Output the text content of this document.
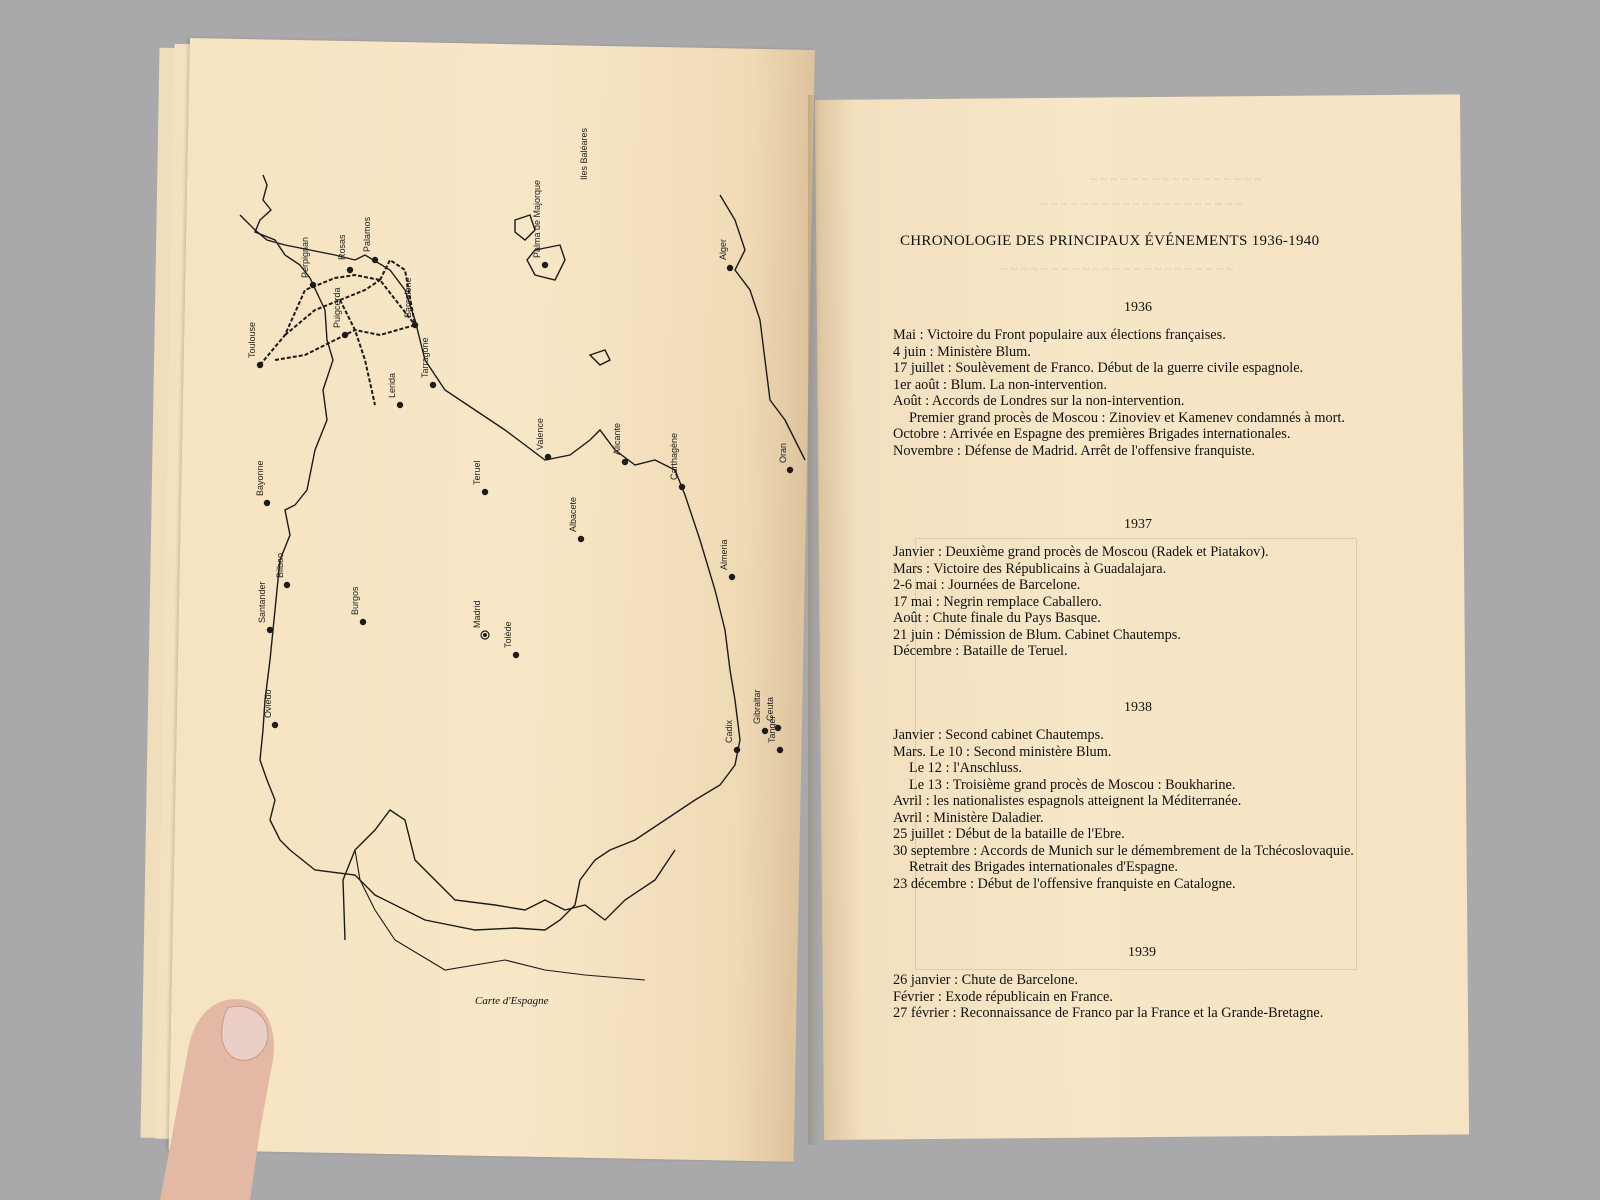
~ ~ ~ ~ ~ ~ ~ ~ ~ ~ ~ ~ ~ ~ ~ ~ ~
~ ~ ~ ~ ~ ~ ~ ~ ~ ~ ~ ~ ~ ~ ~ ~ ~ ~ ~ ~
~ ~ ~ ~ ~ ~ ~ ~ ~ ~ ~ ~ ~ ~ ~ ~ ~ ~ ~ ~ ~ ~ ~
Toulouse
Perpignan	Rosas Palamos
Barcelone
Puigcerda
Tarragone
Lerida
Palma de Majorque
Iles Baléares
Alger
Oran
Bayonne
Bilbao
Santander	Burgos
Oviedo
Teruel
Valence	Alicante	Carthagène
Albacete
Almeria
Madrid
Tolède
Gibraltar Ceuta
Cadix	Tanger
Carte d'Espagne
CHRONOLOGIE DES PRINCIPAUX ÉVÉNEMENTS 1936-1940
1936
Mai : Victoire du Front populaire aux élections françaises.
4 juin : Ministère Blum.
17 juillet : Soulèvement de Franco. Début de la guerre civile espagnole.
1er août : Blum. La non-intervention.
Août : Accords de Londres sur la non-intervention.
Premier grand procès de Moscou : Zinoviev et Kamenev condamnés à mort.
Octobre : Arrivée en Espagne des premières Brigades internationales.
Novembre : Défense de Madrid. Arrêt de l'offensive franquiste.
1937
Janvier : Deuxième grand procès de Moscou (Radek et Piatakov).
Mars : Victoire des Républicains à Guadalajara.
2-6 mai : Journées de Barcelone.
17 mai : Negrin remplace Caballero.
Août : Chute finale du Pays Basque.
21 juin : Démission de Blum. Cabinet Chautemps.
Décembre : Bataille de Teruel.
1938
Janvier : Second cabinet Chautemps.
Mars. Le 10 : Second ministère Blum.
Le 12 : l'Anschluss.
Le 13 : Troisième grand procès de Moscou : Boukharine.
Avril : les nationalistes espagnols atteignent la Méditerranée.
Avril : Ministère Daladier.
25 juillet : Début de la bataille de l'Ebre.
30 septembre : Accords de Munich sur le démembrement de la Tchécoslovaquie.
Retrait des Brigades internationales d'Espagne.
23 décembre : Début de l'offensive franquiste en Catalogne.
1939
26 janvier : Chute de Barcelone.
Février : Exode républicain en France.
27 février : Reconnaissance de Franco par la France et la Grande-Bretagne.
